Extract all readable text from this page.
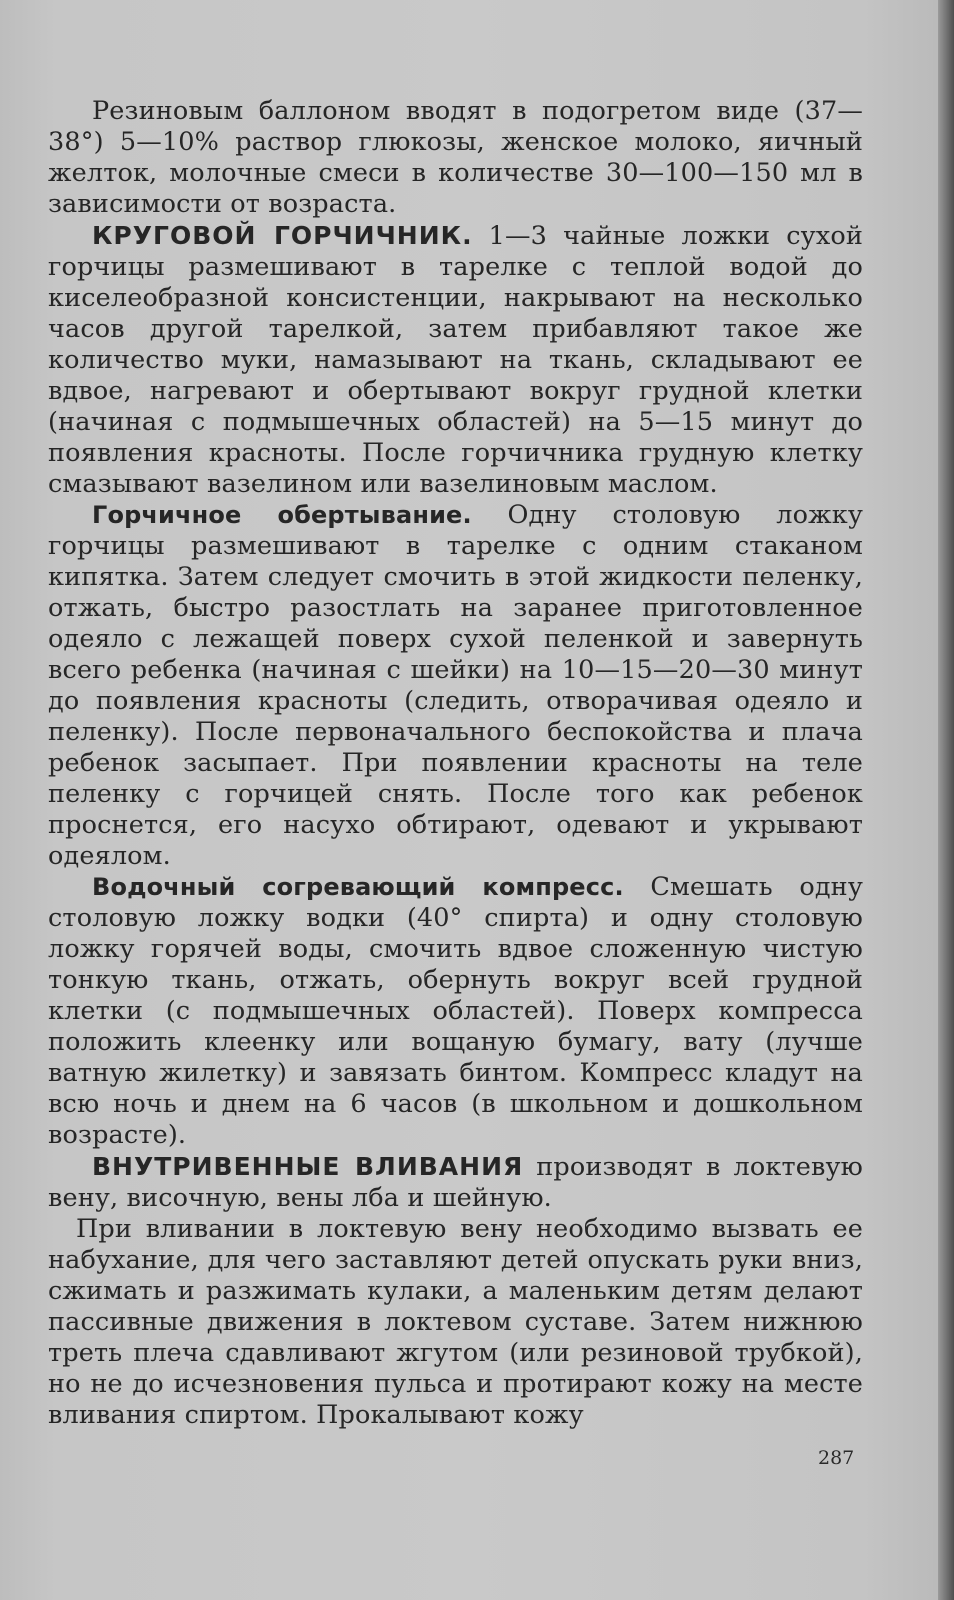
Резиновым баллоном вводят в подогретом виде (37—38°) 5—10% раствор глюкозы, женское молоко, яичный желток, молочные смеси в количестве 30—100—150 мл в зависимости от возраста.

КРУГОВОЙ ГОРЧИЧНИК. 1—3 чайные ложки сухой горчицы размешивают в тарелке с теплой водой до киселеобразной консистенции, накрывают на несколько часов другой тарелкой, затем прибавляют такое же количество муки, намазывают на ткань, складывают ее вдвое, нагревают и обертывают вокруг грудной клетки (начиная с подмышечных областей) на 5—15 минут до появления красноты. После горчичника грудную клетку смазывают вазелином или вазелиновым маслом.

Горчичное обертывание. Одну столовую ложку горчицы размешивают в тарелке с одним стаканом кипятка. Затем следует смочить в этой жидкости пеленку, отжать, быстро разостлать на заранее приготовленное одеяло с лежащей поверх сухой пеленкой и завернуть всего ребенка (начиная с шейки) на 10—15—20—30 минут до появления красноты (следить, отворачивая одеяло и пеленку). После первоначального беспокойства и плача ребенок засыпает. При появлении красноты на теле пеленку с горчицей снять. После того как ребенок проснется, его насухо обтирают, одевают и укрывают одеялом.

Водочный согревающий компресс. Смешать одну столовую ложку водки (40° спирта) и одну столовую ложку горячей воды, смочить вдвое сложенную чистую тонкую ткань, отжать, обернуть вокруг всей грудной клетки (с подмышечных областей). Поверх компресса положить клеенку или вощаную бумагу, вату (лучше ватную жилетку) и завязать бинтом. Компресс кладут на всю ночь и днем на 6 часов (в школьном и дошкольном возрасте).

ВНУТРИВЕННЫЕ ВЛИВАНИЯ производят в локтевую вену, височную, вены лба и шейную.

При вливании в локтевую вену необходимо вызвать ее набухание, для чего заставляют детей опускать руки вниз, сжимать и разжимать кулаки, а маленьким детям делают пассивные движения в локтевом суставе. Затем нижнюю треть плеча сдавливают жгутом (или резиновой трубкой), но не до исчезновения пульса и протирают кожу на месте вливания спиртом. Прокалывают кожу

287
